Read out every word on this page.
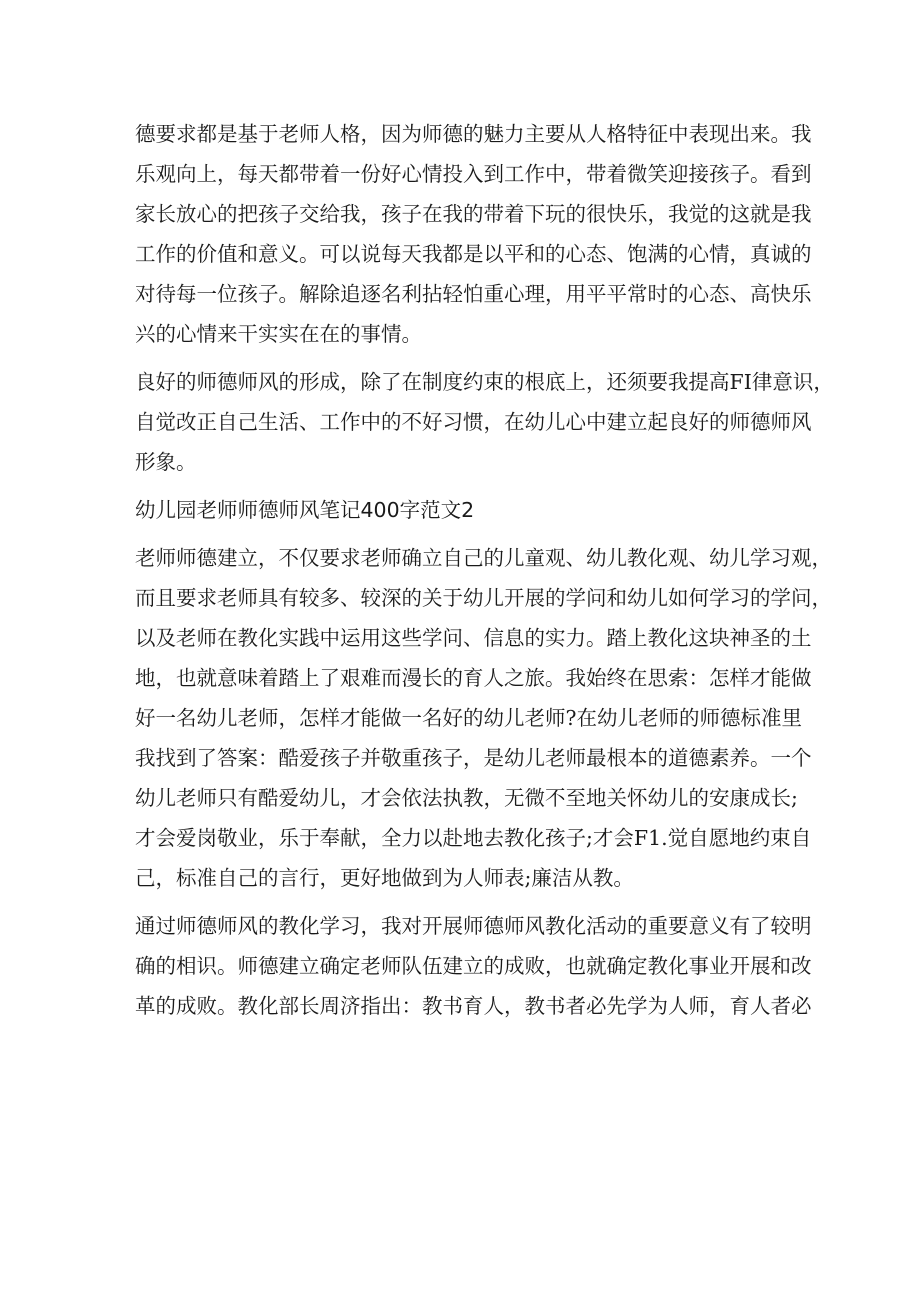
德要求都是基于老师人格，因为师德的魅力主要从人格特征中表现出来。我
乐观向上，每天都带着一份好心情投入到工作中，带着微笑迎接孩子。看到
家长放心的把孩子交给我，孩子在我的带着下玩的很快乐，我觉的这就是我
工作的价值和意义。可以说每天我都是以平和的心态、饱满的心情，真诚的
对待每一位孩子。解除追逐名利拈轻怕重心理，用平平常时的心态、高快乐
兴的心情来干实实在在的事情。

良好的师德师风的形成，除了在制度约束的根底上，还须要我提高FI律意识，
自觉改正自己生活、工作中的不好习惯，在幼儿心中建立起良好的师德师风
形象。

幼儿园老师师德师风笔记400字范文2

老师师德建立，不仅要求老师确立自己的儿童观、幼儿教化观、幼儿学习观，
而且要求老师具有较多、较深的关于幼儿开展的学问和幼儿如何学习的学问，
以及老师在教化实践中运用这些学问、信息的实力。踏上教化这块神圣的土
地，也就意味着踏上了艰难而漫长的育人之旅。我始终在思索：怎样才能做
好一名幼儿老师，怎样才能做一名好的幼儿老师?在幼儿老师的师德标准里
我找到了答案：酷爱孩子并敬重孩子，是幼儿老师最根本的道德素养。一个
幼儿老师只有酷爱幼儿，才会依法执教，无微不至地关怀幼儿的安康成长;
才会爱岗敬业，乐于奉献，全力以赴地去教化孩子;才会F1.觉自愿地约束自
己，标准自己的言行，更好地做到为人师表;廉洁从教。

通过师德师风的教化学习，我对开展师德师风教化活动的重要意义有了较明
确的相识。师德建立确定老师队伍建立的成败，也就确定教化事业开展和改
革的成败。教化部长周济指出：教书育人，教书者必先学为人师，育人者必
